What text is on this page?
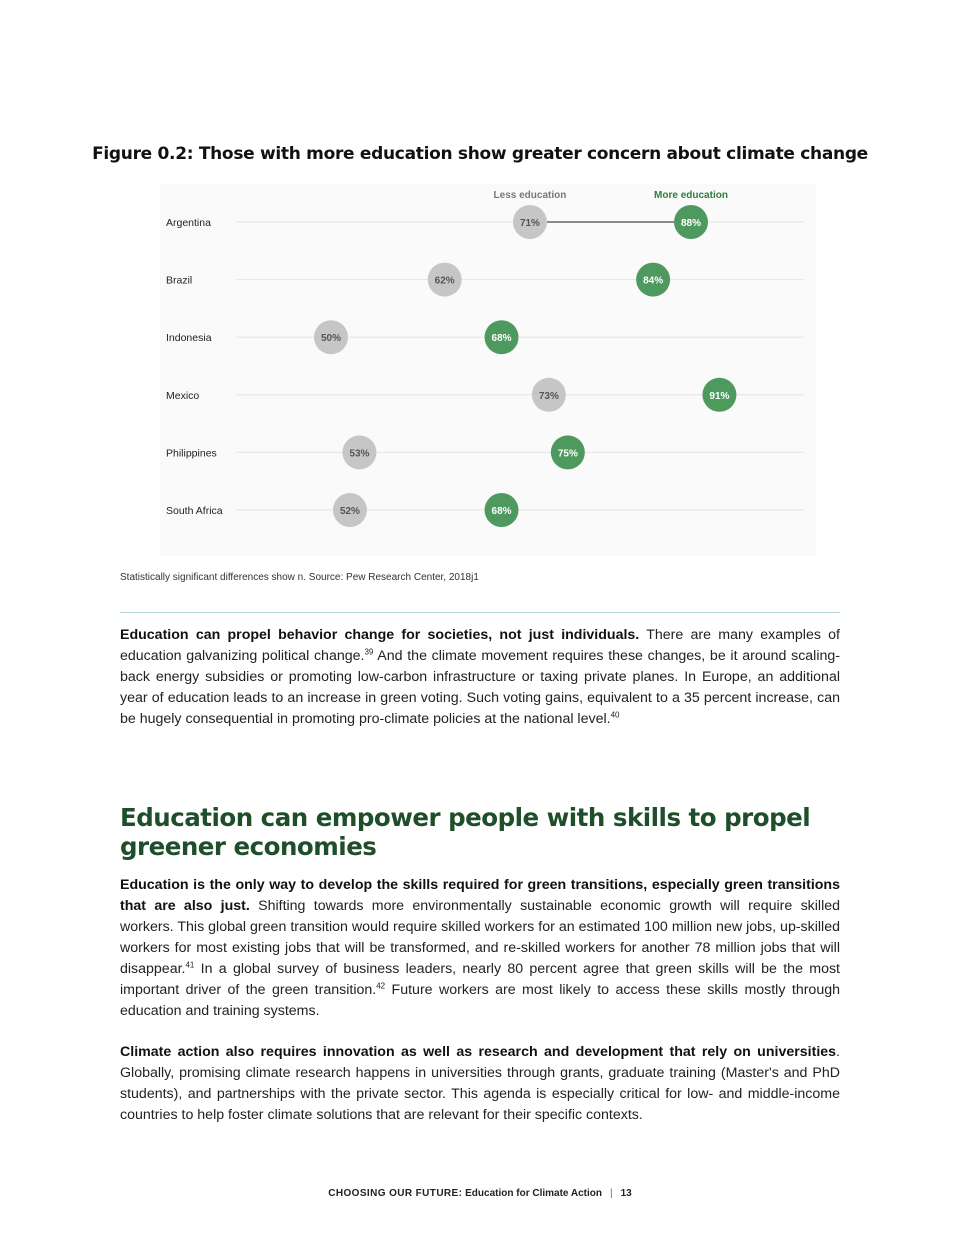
Figure 0.2: Those with more education show greater concern about climate change
Less education	More education
Argentina	71%	88%
Brazil	62%	84%
Indonesia	50%	68%
Mexico	73%	91%
Philippines	53%	75%
South Africa	52%	68%
Statistically significant differences show n. Source: Pew Research Center, 2018j1
Education can propel behavior change for societies, not just individuals. There are many examples of education galvanizing political change.$^{39}$ And the climate movement requires these changes, be it around scaling-back energy subsidies or promoting low-carbon infrastructure or taxing private planes. In Europe, an additional year of education leads to an increase in green voting. Such voting gains, equivalent to a 35 percent increase, can be hugely consequential in promoting pro-climate policies at the national level.$^{40}$
Education can empower people with skills to propel greener economies
Education is the only way to develop the skills required for green transitions, especially green transitions that are also just. Shifting towards more environmentally sustainable economic growth will require skilled workers. This global green transition would require skilled workers for an estimated 100 million new jobs, up-skilled workers for most existing jobs that will be transformed, and re-skilled workers for another 78 million jobs that will disappear.$^{41}$ In a global survey of business leaders, nearly 80 percent agree that green skills will be the most important driver of the green transition.$^{42}$ Future workers are most likely to access these skills mostly through education and training systems.
Climate action also requires innovation as well as research and development that rely on universities. Globally, promising climate research happens in universities through grants, graduate training (Master's and PhD students), and partnerships with the private sector. This agenda is especially critical for low- and middle-income countries to help foster climate solutions that are relevant for their specific contexts.
CHOOSING OUR FUTURE: Education for Climate Action | 13
